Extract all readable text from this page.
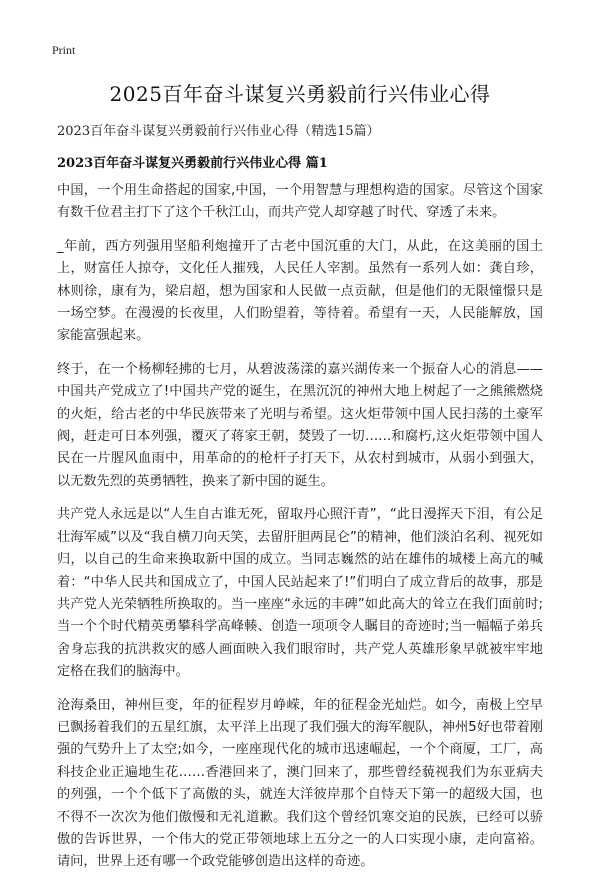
Print
2025百年奋斗谋复兴勇毅前行兴伟业心得
2023百年奋斗谋复兴勇毅前行兴伟业心得（精选15篇）
2023百年奋斗谋复兴勇毅前行兴伟业心得 篇1

中国，一个用生命搭起的国家,中国，一个用智慧与理想构造的国家。尽管这个国家有数千位君主打下了这个千秋江山，而共产党人却穿越了时代、穿透了未来。

_年前，西方列强用坚船利炮撞开了古老中国沉重的大门，从此，在这美丽的国土上，财富任人掠夺，文化任人摧残，人民任人宰割。虽然有一系列人如：龚自珍，林则徐，康有为，梁启超，想为国家和人民做一点贡献，但是他们的无限憧憬只是一场空梦。在漫漫的长夜里，人们盼望着，等待着。希望有一天，人民能解放，国家能富强起来。

终于，在一个杨柳轻拂的七月，从碧波荡漾的嘉兴湖传来一个振奋人心的消息——中国共产党成立了!中国共产党的诞生，在黑沉沉的神州大地上树起了一之熊熊燃烧的火炬，给古老的中华民族带来了光明与希望。这火炬带领中国人民扫荡的土豪军阀，赶走可日本列强，覆灭了蒋家王朝，焚毁了一切……和腐朽,这火炬带领中国人民在一片腥风血雨中，用革命的的枪杆子打天下，从农村到城市，从弱小到强大，以无数先烈的英勇牺牲，换来了新中国的诞生。

共产党人永远是以“人生自古谁无死，留取丹心照汗青”，“此日漫挥天下泪，有公足壮海军威”以及“我自横刀向天笑，去留肝胆两昆仑”的精神，他们淡泊名利、视死如归，以自己的生命来换取新中国的成立。当同志巍然的站在雄伟的城楼上高亢的喊着：“中华人民共和国成立了，中国人民站起来了!”们明白了成立背后的故事，那是共产党人光荣牺牲所换取的。当一座座“永远的丰碑”如此高大的耸立在我们面前时;当一个个时代精英勇攀科学高峰輳、创造一项项令人瞩目的奇迹时;当一幅幅子弟兵舍身忘我的抗洪救灾的感人画面映入我们眼帘时，共产党人英雄形象早就被牢牢地定格在我们的脑海中。

沧海桑田，神州巨变，年的征程岁月峥嵘，年的征程金光灿烂。如今，南极上空早已飘扬着我们的五星红旗，太平洋上出现了我们强大的海军舰队，神州5好也带着刚强的气势升上了太空;如今，一座座现代化的城市迅速崛起，一个个商厦，工厂，高科技企业正遍地生花……香港回来了，澳门回来了，那些曾经藐视我们为东亚病夫的列强，一个个低下了高傲的头，就连大洋彼岸那个自恃天下第一的超级大国，也不得不一次次为他们傲慢和无礼道歉。我们这个曾经饥寒交迫的民族，已经可以骄傲的告诉世界，一个伟大的党正带领地球上五分之一的人口实现小康，走向富裕。请问，世界上还有哪一个政党能够创造出这样的奇迹。
